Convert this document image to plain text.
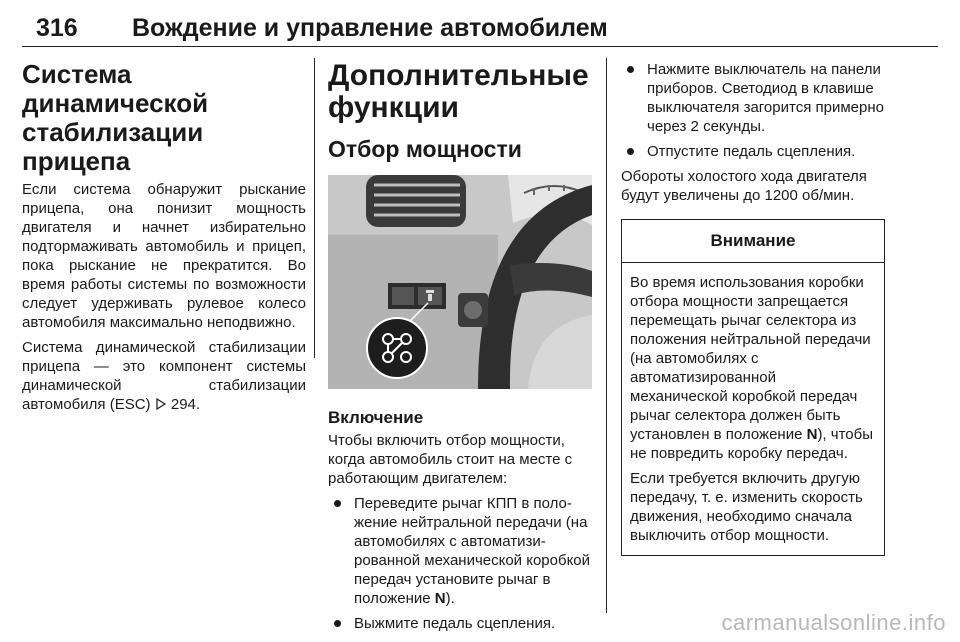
316 Вождение и управление автомобилем
Система динамической
стабилизации прицепа

Если система обнаружит рыскание прицепа, она понизит мощность двигателя и начнет избирательно подтормаживать автомобиль и прицеп, пока рыскание не прекратится. Во время работы системы по возможности следует удерживать рулевое колесо автомобиля максимально неподвижно.

Система динамической стабилизации прицепа — это компонент системы динамической стабилизации автомобиля (ESC) 294.

Дополнительные
функции
Отбор мощности
Включение

Чтобы включить отбор мощности, когда автомобиль стоит на месте с работающим двигателем:

Переведите рычаг КПП в положение нейтральной передачи (на автомобилях с автоматизированной механической коробкой передач установите рычаг в положение N).
Выжмите педаль сцепления.
Нажмите выключатель на панели приборов. Светодиод в клавише выключателя загорится примерно через 2 секунды.
Отпустите педаль сцепления.

Обороты холостого хода двигателя будут увеличены до 1200 об/мин.

Внимание

Во время использования коробки отбора мощности запрещается перемещать рычаг селектора из положения нейтральной передачи (на автомобилях с автоматизированной механической коробкой передач рычаг селектора должен быть установлен в положение N), чтобы не повредить коробку передач.

Если требуется включить другую передачу, т. е. изменить скорость движения, необходимо сначала выключить отбор мощности.

carmanualsonline.info
